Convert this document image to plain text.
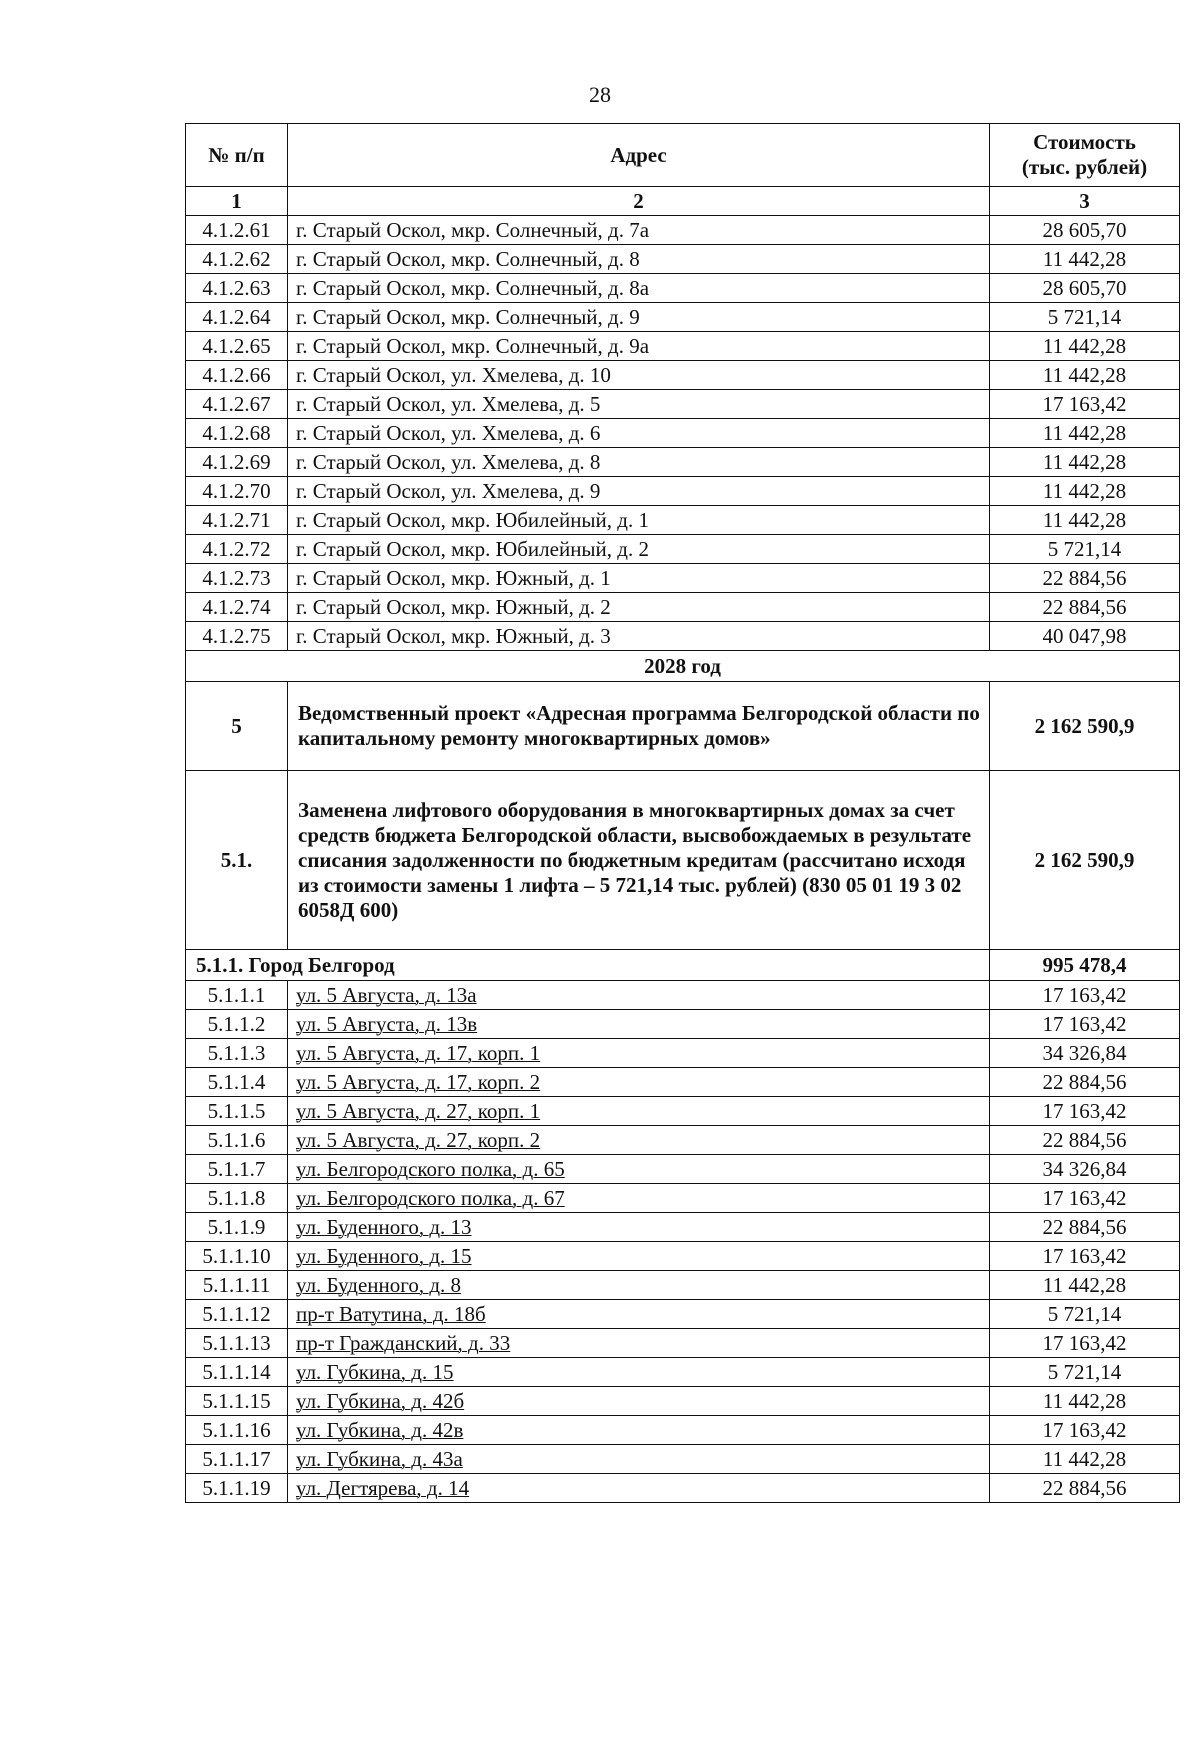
28
№ п/п	Адрес	Стоимость
(тыс. рублей)
1	2	3
4.1.2.61	г. Старый Оскол, мкр. Солнечный, д. 7а	28 605,70
4.1.2.62	г. Старый Оскол, мкр. Солнечный, д. 8	11 442,28
4.1.2.63	г. Старый Оскол, мкр. Солнечный, д. 8а	28 605,70
4.1.2.64	г. Старый Оскол, мкр. Солнечный, д. 9	5 721,14
4.1.2.65	г. Старый Оскол, мкр. Солнечный, д. 9а	11 442,28
4.1.2.66	г. Старый Оскол, ул. Хмелева, д. 10	11 442,28
4.1.2.67	г. Старый Оскол, ул. Хмелева, д. 5	17 163,42
4.1.2.68	г. Старый Оскол, ул. Хмелева, д. 6	11 442,28
4.1.2.69	г. Старый Оскол, ул. Хмелева, д. 8	11 442,28
4.1.2.70	г. Старый Оскол, ул. Хмелева, д. 9	11 442,28
4.1.2.71	г. Старый Оскол, мкр. Юбилейный, д. 1	11 442,28
4.1.2.72	г. Старый Оскол, мкр. Юбилейный, д. 2	5 721,14
4.1.2.73	г. Старый Оскол, мкр. Южный, д. 1	22 884,56
4.1.2.74	г. Старый Оскол, мкр. Южный, д. 2	22 884,56
4.1.2.75	г. Старый Оскол, мкр. Южный, д. 3	40 047,98
2028 год		
5	Ведомственный проект «Адресная программа Белгородской области по капитальному ремонту многоквартирных домов»	2 162 590,9
5.1.	Заменена лифтового оборудования в многоквартирных домах за счет средств бюджета Белгородской области, высвобождаемых в результате списания задолженности по бюджетным кредитам (рассчитано исходя из стоимости замены 1 лифта – 5 721,14 тыс. рублей) (830 05 01 19 3 02 6058Д 600)	2 162 590,9
5.1.1. Город Белгород		995 478,4
5.1.1.1	ул. 5 Августа, д. 13а	17 163,42
5.1.1.2	ул. 5 Августа, д. 13в	17 163,42
5.1.1.3	ул. 5 Августа, д. 17, корп. 1	34 326,84
5.1.1.4	ул. 5 Августа, д. 17, корп. 2	22 884,56
5.1.1.5	ул. 5 Августа, д. 27, корп. 1	17 163,42
5.1.1.6	ул. 5 Августа, д. 27, корп. 2	22 884,56
5.1.1.7	ул. Белгородского полка, д. 65	34 326,84
5.1.1.8	ул. Белгородского полка, д. 67	17 163,42
5.1.1.9	ул. Буденного, д. 13	22 884,56
5.1.1.10	ул. Буденного, д. 15	17 163,42
5.1.1.11	ул. Буденного, д. 8	11 442,28
5.1.1.12	пр-т Ватутина, д. 18б	5 721,14
5.1.1.13	пр-т Гражданский, д. 33	17 163,42
5.1.1.14	ул. Губкина, д. 15	5 721,14
5.1.1.15	ул. Губкина, д. 42б	11 442,28
5.1.1.16	ул. Губкина, д. 42в	17 163,42
5.1.1.17	ул. Губкина, д. 43а	11 442,28
5.1.1.19	ул. Дегтярева, д. 14	22 884,56
